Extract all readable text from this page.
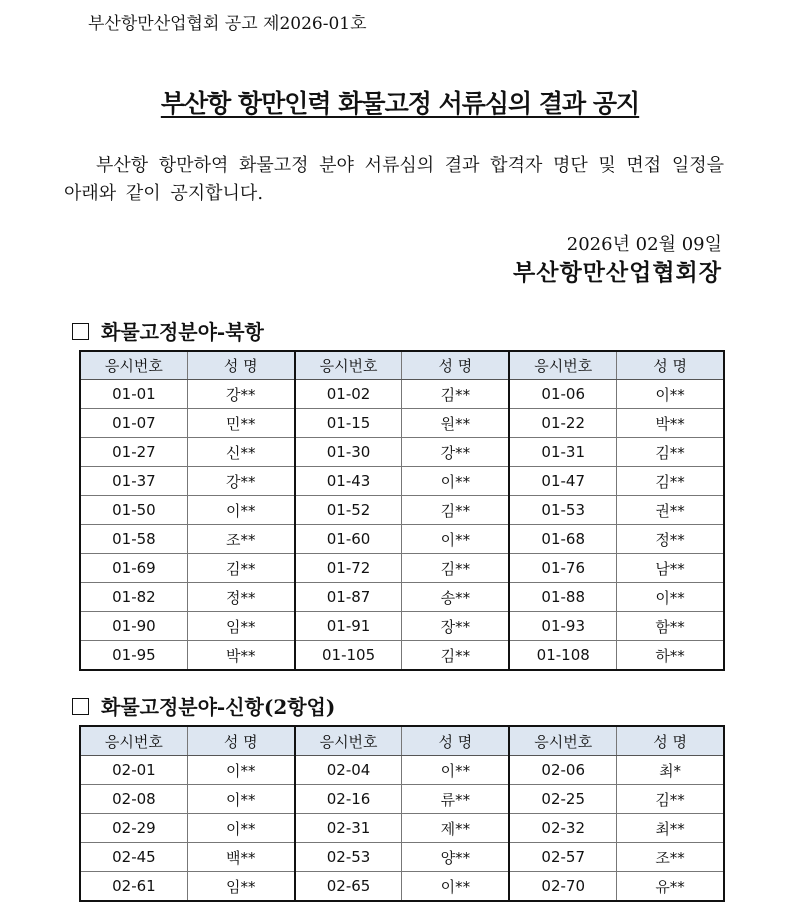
부산항만산업협회 공고 제2026-01호
부산항 항만인력 화물고정 서류심의 결과 공지
부산항 항만하역 화물고정 분야 서류심의 결과 합격자 명단 및 면접 일정을 아래와 같이 공지합니다.
2026년 02월 09일
부산항만산업협회장
화물고정분야-북항
응시번호	성 명	응시번호	성 명	응시번호	성 명
01-01	강**	01-02	김**	01-06	이**
01-07	민**	01-15	원**	01-22	박**
01-27	신**	01-30	강**	01-31	김**
01-37	강**	01-43	이**	01-47	김**
01-50	이**	01-52	김**	01-53	권**
01-58	조**	01-60	이**	01-68	정**
01-69	김**	01-72	김**	01-76	남**
01-82	정**	01-87	송**	01-88	이**
01-90	임**	01-91	장**	01-93	함**
01-95	박**	01-105	김**	01-108	하**
화물고정분야-신항(2항업)
응시번호	성 명	응시번호	성 명	응시번호	성 명
02-01	이**	02-04	이**	02-06	최*
02-08	이**	02-16	류**	02-25	김**
02-29	이**	02-31	제**	02-32	최**
02-45	백**	02-53	양**	02-57	조**
02-61	임**	02-65	이**	02-70	유**
